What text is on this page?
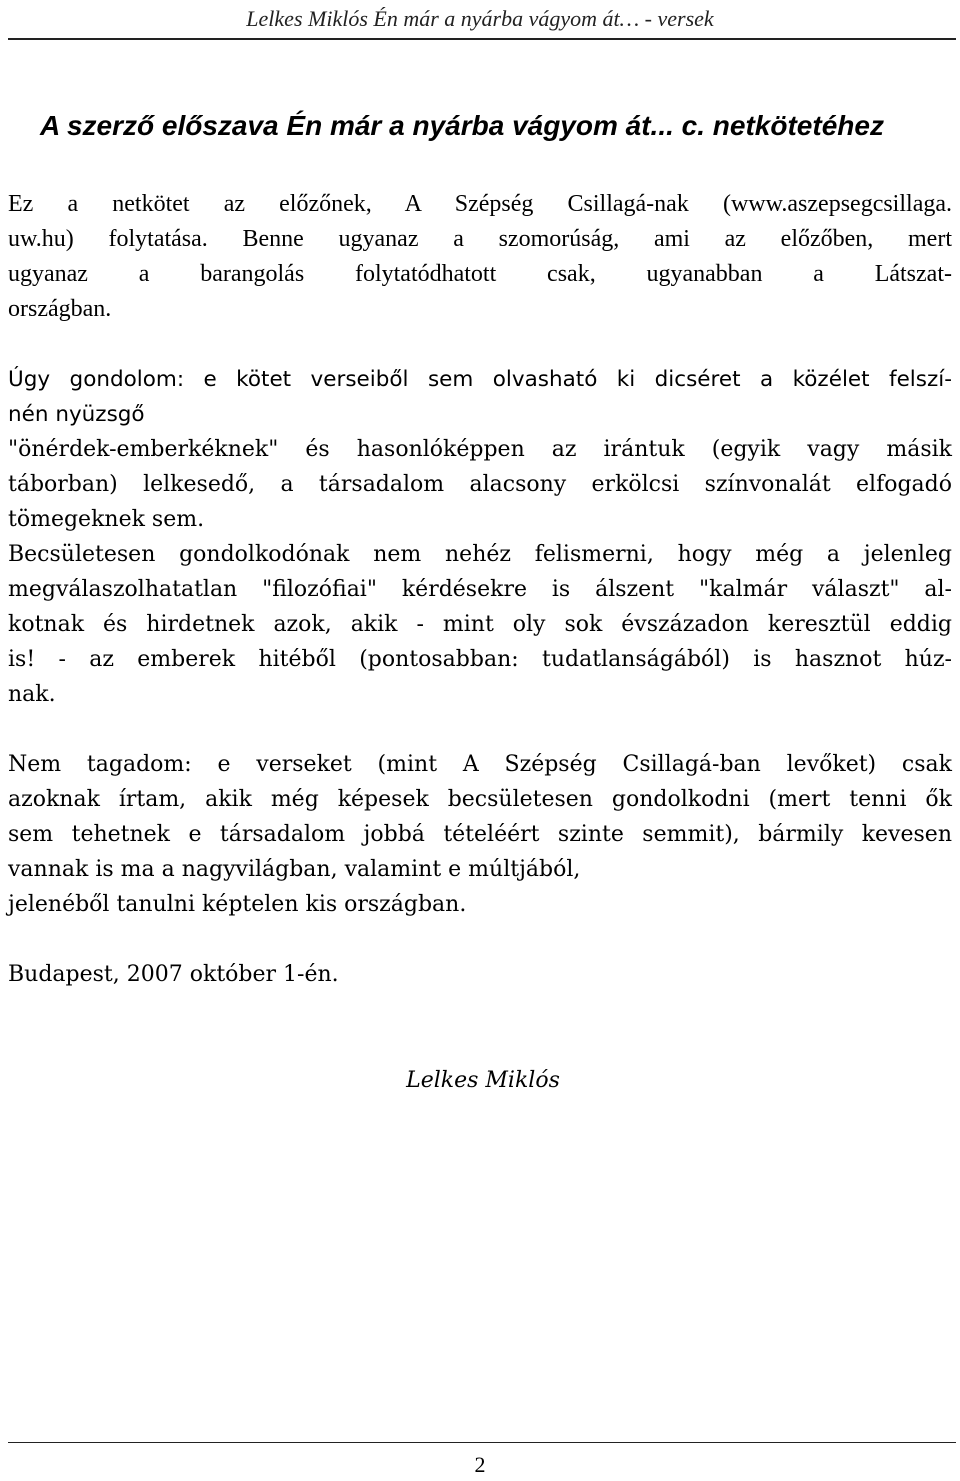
Lelkes Miklós Én már a nyárba vágyom át… - versek
A szerző előszava Én már a nyárba vágyom át... c. netkötetéhez
Ez a netkötet az előzőnek, A Szépség Csillagá-nak (www.aszepsegcsillaga.
uw.hu) folytatása. Benne ugyanaz a szomorúság, ami az előzőben, mert
ugyanaz a barangolás folytatódhatott csak, ugyanabban a Látszat-
országban.
Úgy gondolom: e kötet verseiből sem olvasható ki dicséret a közélet felszí-
nén nyüzsgő
"önérdek-emberkéknek" és hasonlóképpen az irántuk (egyik vagy másik
táborban) lelkesedő, a társadalom alacsony erkölcsi színvonalát elfogadó
tömegeknek sem.
Becsületesen gondolkodónak nem nehéz felismerni, hogy még a jelenleg
megválaszolhatatlan "filozófiai" kérdésekre is álszent "kalmár választ" al-
kotnak és hirdetnek azok, akik - mint oly sok évszázadon keresztül eddig
is! - az emberek hitéből (pontosabban: tudatlanságából) is hasznot húz-
nak.
Nem tagadom: e verseket (mint A Szépség Csillagá-ban levőket) csak
azoknak írtam, akik még képesek becsületesen gondolkodni (mert tenni ők
sem tehetnek e társadalom jobbá tételéért szinte semmit), bármily kevesen
vannak is ma a nagyvilágban, valamint e múltjából,
jelenéből tanulni képtelen kis országban.
Budapest, 2007 október 1-én.
Lelkes Miklós
2
